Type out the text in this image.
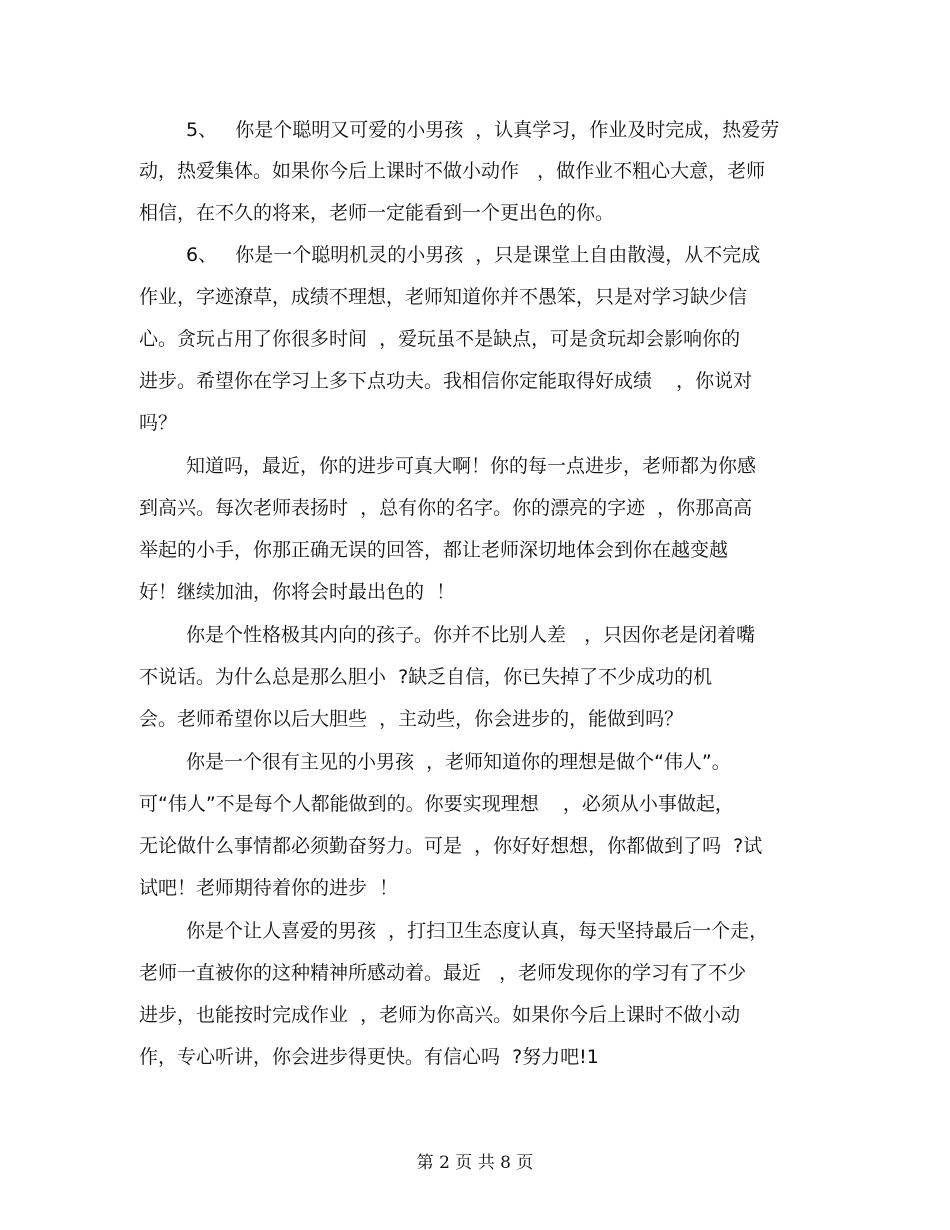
5、   你是个聪明又可爱的小男孩  ，认真学习，作业及时完成，热爱劳
动，热爱集体。如果你今后上课时不做小动作   ，做作业不粗心大意，老师
相信，在不久的将来，老师一定能看到一个更出色的你。
6、   你是一个聪明机灵的小男孩  ，只是课堂上自由散漫，从不完成
作业，字迹潦草，成绩不理想，老师知道你并不愚笨，只是对学习缺少信
心。贪玩占用了你很多时间  ，爱玩虽不是缺点，可是贪玩却会影响你的
进步。希望你在学习上多下点功夫。我相信你定能取得好成绩    ，你说对
吗？
知道吗，最近，你的进步可真大啊！你的每一点进步，老师都为你感
到高兴。每次老师表扬时  ，总有你的名字。你的漂亮的字迹  ，你那高高
举起的小手，你那正确无误的回答，都让老师深切地体会到你在越变越
好！继续加油，你将会时最出色的  ！
你是个性格极其内向的孩子。你并不比别人差   ，只因你老是闭着嘴
不说话。为什么总是那么胆小  ?缺乏自信，你已失掉了不少成功的机
会。老师希望你以后大胆些  ，主动些，你会进步的，能做到吗？
你是一个很有主见的小男孩  ，老师知道你的理想是做个“伟人”。
可“伟人”不是每个人都能做到的。你要实现理想    ，必须从小事做起，
无论做什么事情都必须勤奋努力。可是  ，你好好想想，你都做到了吗  ?试
试吧！老师期待着你的进步  ！
你是个让人喜爱的男孩  ，打扫卫生态度认真，每天坚持最后一个走，
老师一直被你的这种精神所感动着。最近   ，老师发现你的学习有了不少
进步，也能按时完成作业  ，老师为你高兴。如果你今后上课时不做小动
作，专心听讲，你会进步得更快。有信心吗  ?努力吧!1
第 2 页 共 8 页
